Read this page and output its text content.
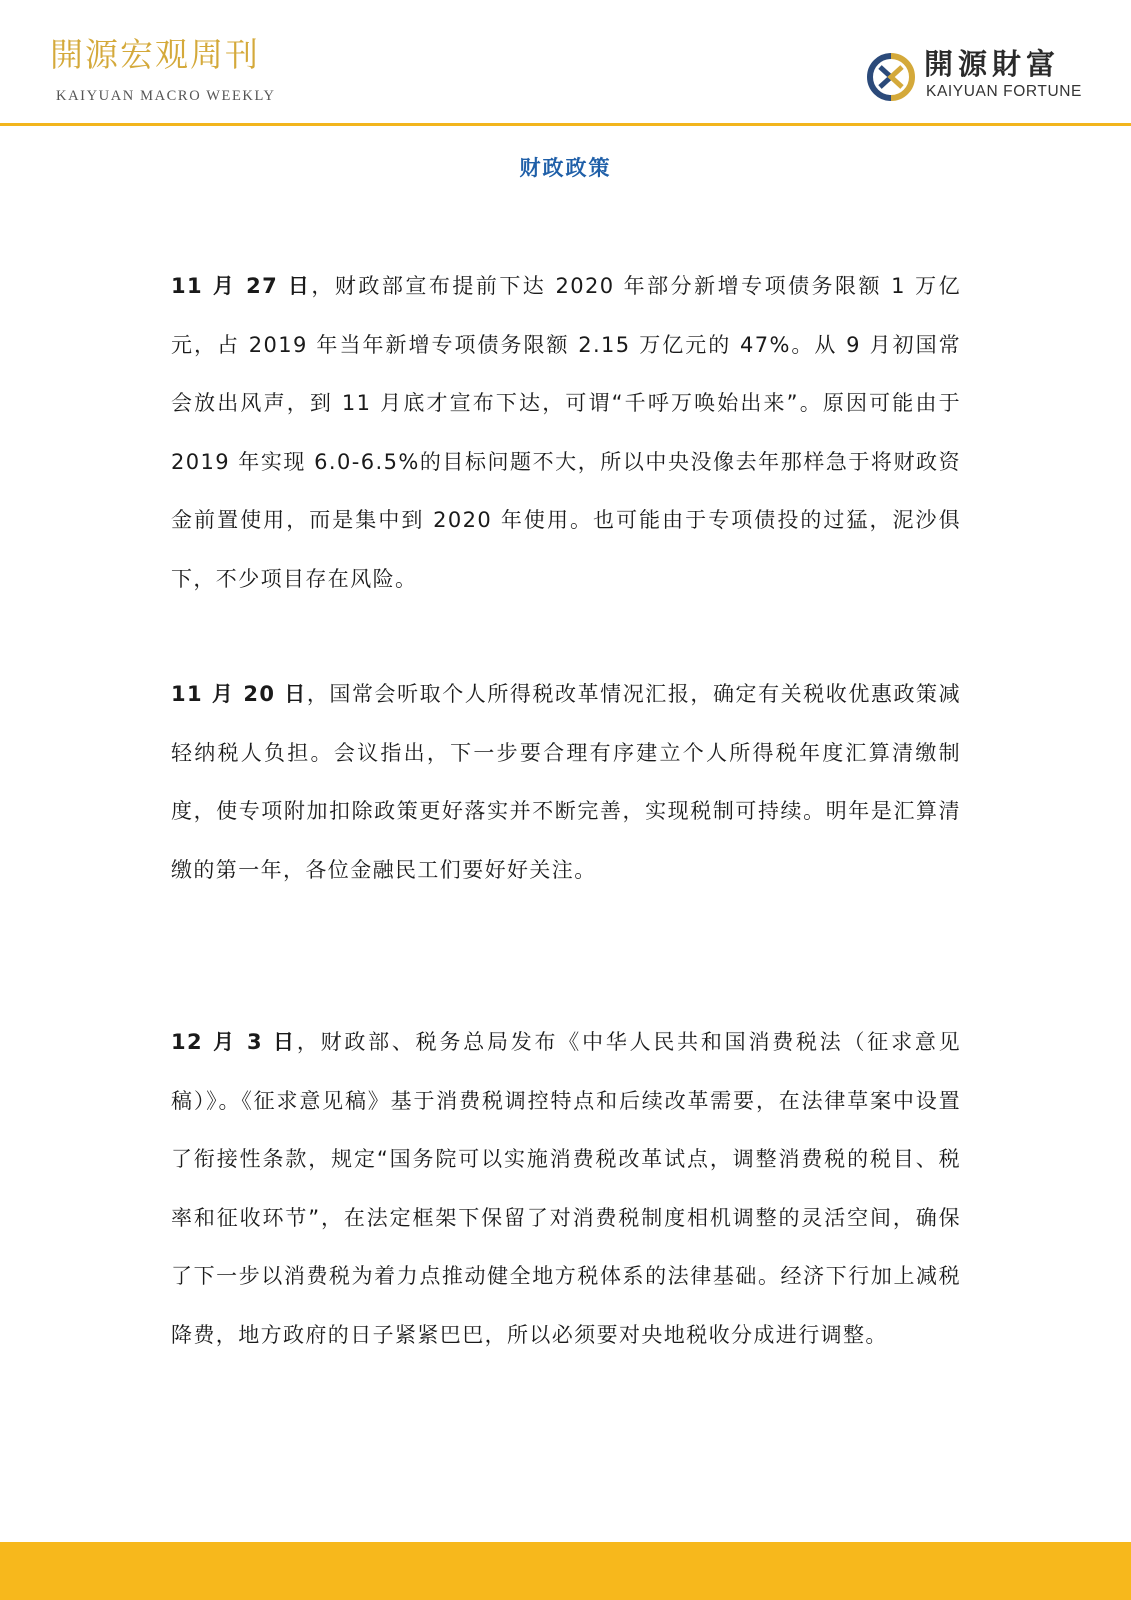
開源宏观周刊
KAIYUAN MACRO WEEKLY
開源財富
KAIYUAN FORTUNE
财政政策

11 月 27 日，财政部宣布提前下达 2020 年部分新增专项债务限额 1 万亿元，占 2019 年当年新增专项债务限额 2.15 万亿元的 47%。从 9 月初国常会放出风声，到 11 月底才宣布下达，可谓“千呼万唤始出来”。原因可能由于 2019 年实现 6.0-6.5%的目标问题不大，所以中央没像去年那样急于将财政资金前置使用，而是集中到 2020 年使用。也可能由于专项债投的过猛，泥沙俱下，不少项目存在风险。

11 月 20 日，国常会听取个人所得税改革情况汇报，确定有关税收优惠政策减轻纳税人负担。会议指出，下一步要合理有序建立个人所得税年度汇算清缴制度，使专项附加扣除政策更好落实并不断完善，实现税制可持续。明年是汇算清缴的第一年，各位金融民工们要好好关注。

12 月 3 日，财政部、税务总局发布《中华人民共和国消费税法（征求意见稿）》。《征求意见稿》基于消费税调控特点和后续改革需要，在法律草案中设置了衔接性条款，规定“国务院可以实施消费税改革试点，调整消费税的税目、税率和征收环节”，在法定框架下保留了对消费税制度相机调整的灵活空间，确保了下一步以消费税为着力点推动健全地方税体系的法律基础。经济下行加上减税降费，地方政府的日子紧紧巴巴，所以必须要对央地税收分成进行调整。
